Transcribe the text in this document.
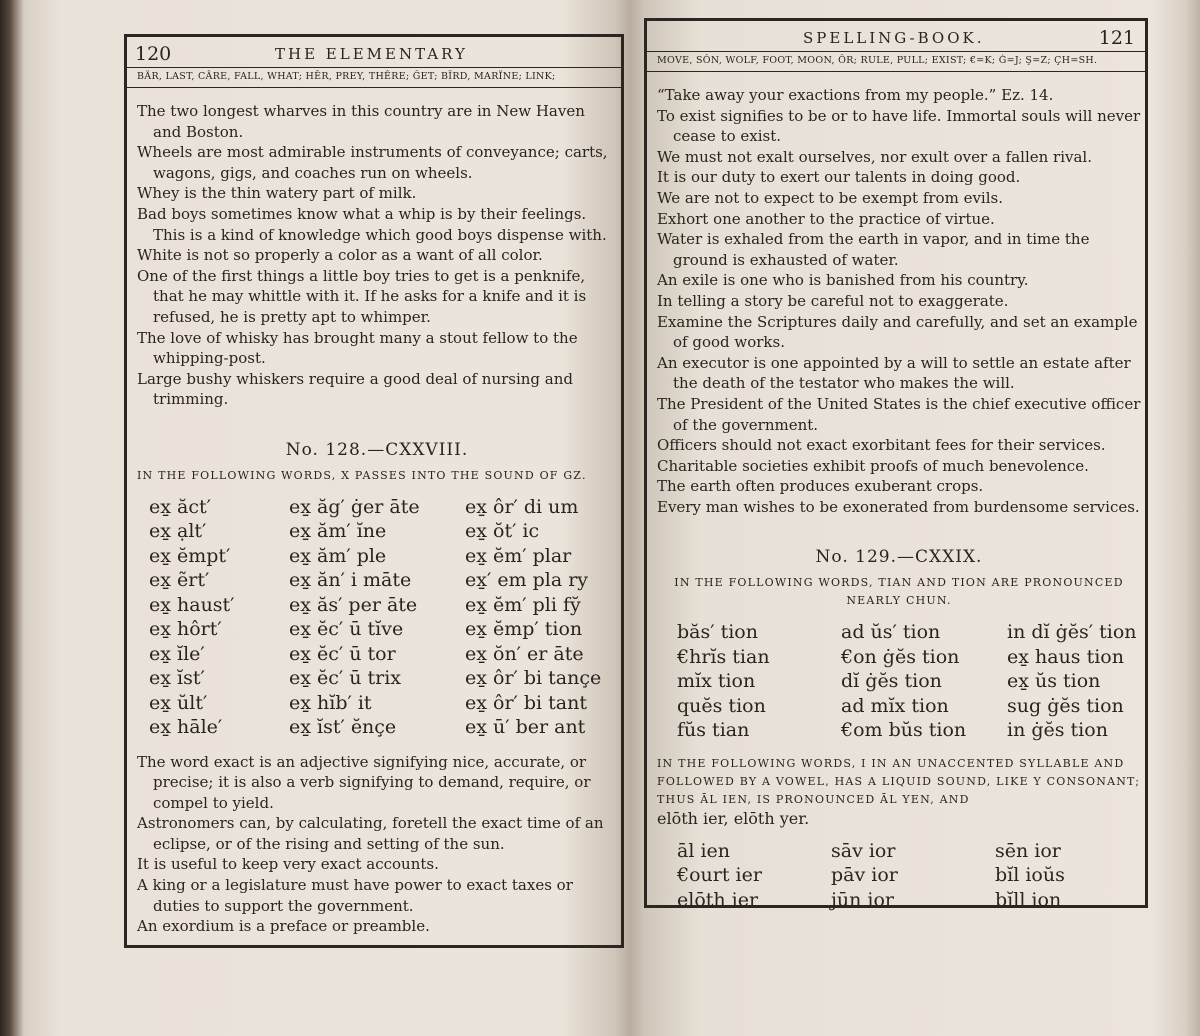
120	THE ELEMENTARY
BÄR, LAST, CÂRE, FALL, WHAT; HĒR, PREY, THÊRE; ĜET; BĪRD, MARÏNE; LINK;

The two longest wharves in this country are in New Haven and Boston.

Wheels are most admirable instruments of conveyance; carts, wagons, gigs, and coaches run on wheels.

Whey is the thin watery part of milk.

Bad boys sometimes know what a whip is by their feelings. This is a kind of knowledge which good boys dispense with.

White is not so properly a color as a want of all color.

One of the first things a little boy tries to get is a penknife, that he may whittle with it. If he asks for a knife and it is refused, he is pretty apt to whimper.

The love of whisky has brought many a stout fellow to the whipping-post.

Large bushy whiskers require a good deal of nursing and trimming.

No. 128.—CXXVIII.
IN THE FOLLOWING WORDS, X PASSES INTO THE SOUND OF GZ.
ex̱ ăct′	ex̱ ăg′ ġer āte	ex̱ ôr′ di um
ex̱ ạlt′	ex̱ ăm′ ĭne	ex̱ ŏt′ ic
ex̱ ĕmpt′	ex̱ ăm′ ple	ex̱ ĕm′ plar
ex̱ ẽrt′	ex̱ ăn′ i māte	ex̱′ em pla ry
ex̱ haust′	ex̱ ăs′ per āte	ex̱ ĕm′ pli fy̆
ex̱ hôrt′	ex̱ ĕc′ ū tĭve	ex̱ ĕmp′ tion
ex̱ ĭle′	ex̱ ĕc′ ū tor	ex̱ ŏn′ er āte
ex̱ ĭst′	ex̱ ĕc′ ū trix	ex̱ ôr′ bi tançe
ex̱ ŭlt′	ex̱ hĭb′ it	ex̱ ôr′ bi tant
ex̱ hāle′	ex̱ ĭst′ ĕnçe	ex̱ ū′ ber ant

The word exact is an adjective signifying nice, accurate, or precise; it is also a verb signifying to demand, require, or compel to yield.

Astronomers can, by calculating, foretell the exact time of an eclipse, or of the rising and setting of the sun.

It is useful to keep very exact accounts.

A king or a legislature must have power to exact taxes or duties to support the government.

An exordium is a preface or preamble.

SPELLING-BOOK.	121
MOVE, SÔN, WOLF, FOOT, MOON, ÔR; RULE, PULL; EXIST; €=K; Ġ=J; Ş=Z; ÇH=SH.

“Take away your exactions from my people.” Ez. 14.

To exist signifies to be or to have life. Immortal souls will never cease to exist.

We must not exalt ourselves, nor exult over a fallen rival.

It is our duty to exert our talents in doing good.

We are not to expect to be exempt from evils.

Exhort one another to the practice of virtue.

Water is exhaled from the earth in vapor, and in time the ground is exhausted of water.

An exile is one who is banished from his country.

In telling a story be careful not to exaggerate.

Examine the Scriptures daily and carefully, and set an example of good works.

An executor is one appointed by a will to settle an estate after the death of the testator who makes the will.

The President of the United States is the chief executive officer of the government.

Officers should not exact exorbitant fees for their services.

Charitable societies exhibit proofs of much benevolence.

The earth often produces exuberant crops.

Every man wishes to be exonerated from burdensome services.

No. 129.—CXXIX.
IN THE FOLLOWING WORDS, TIAN AND TION ARE PRONOUNCED NEARLY CHUN.
băs′ tion	ad ŭs′ tion	in dĭ ġĕs′ tion
€hrĭs tian	€on ġĕs tion	ex̱ haus tion
mĭx tion	dĭ ġĕs tion	ex̱ ŭs tion
quĕs tion	ad mĭx tion	sug ġĕs tion
fŭs tian	€om bŭs tion	in ġĕs tion
IN THE FOLLOWING WORDS, I IN AN UNACCENTED SYLLABLE AND FOLLOWED BY A VOWEL, HAS A LIQUID SOUND, LIKE Y CONSONANT; THUS ĀL IEN, IS PRONOUNCED ĀL YEN, AND
elōth ier, elōth yer.
āl ien	sāv ior	sēn ior
€ourt ier	pāv ior	bĭl ioŭs
elōth ier	jūn ior	bĭll ion
